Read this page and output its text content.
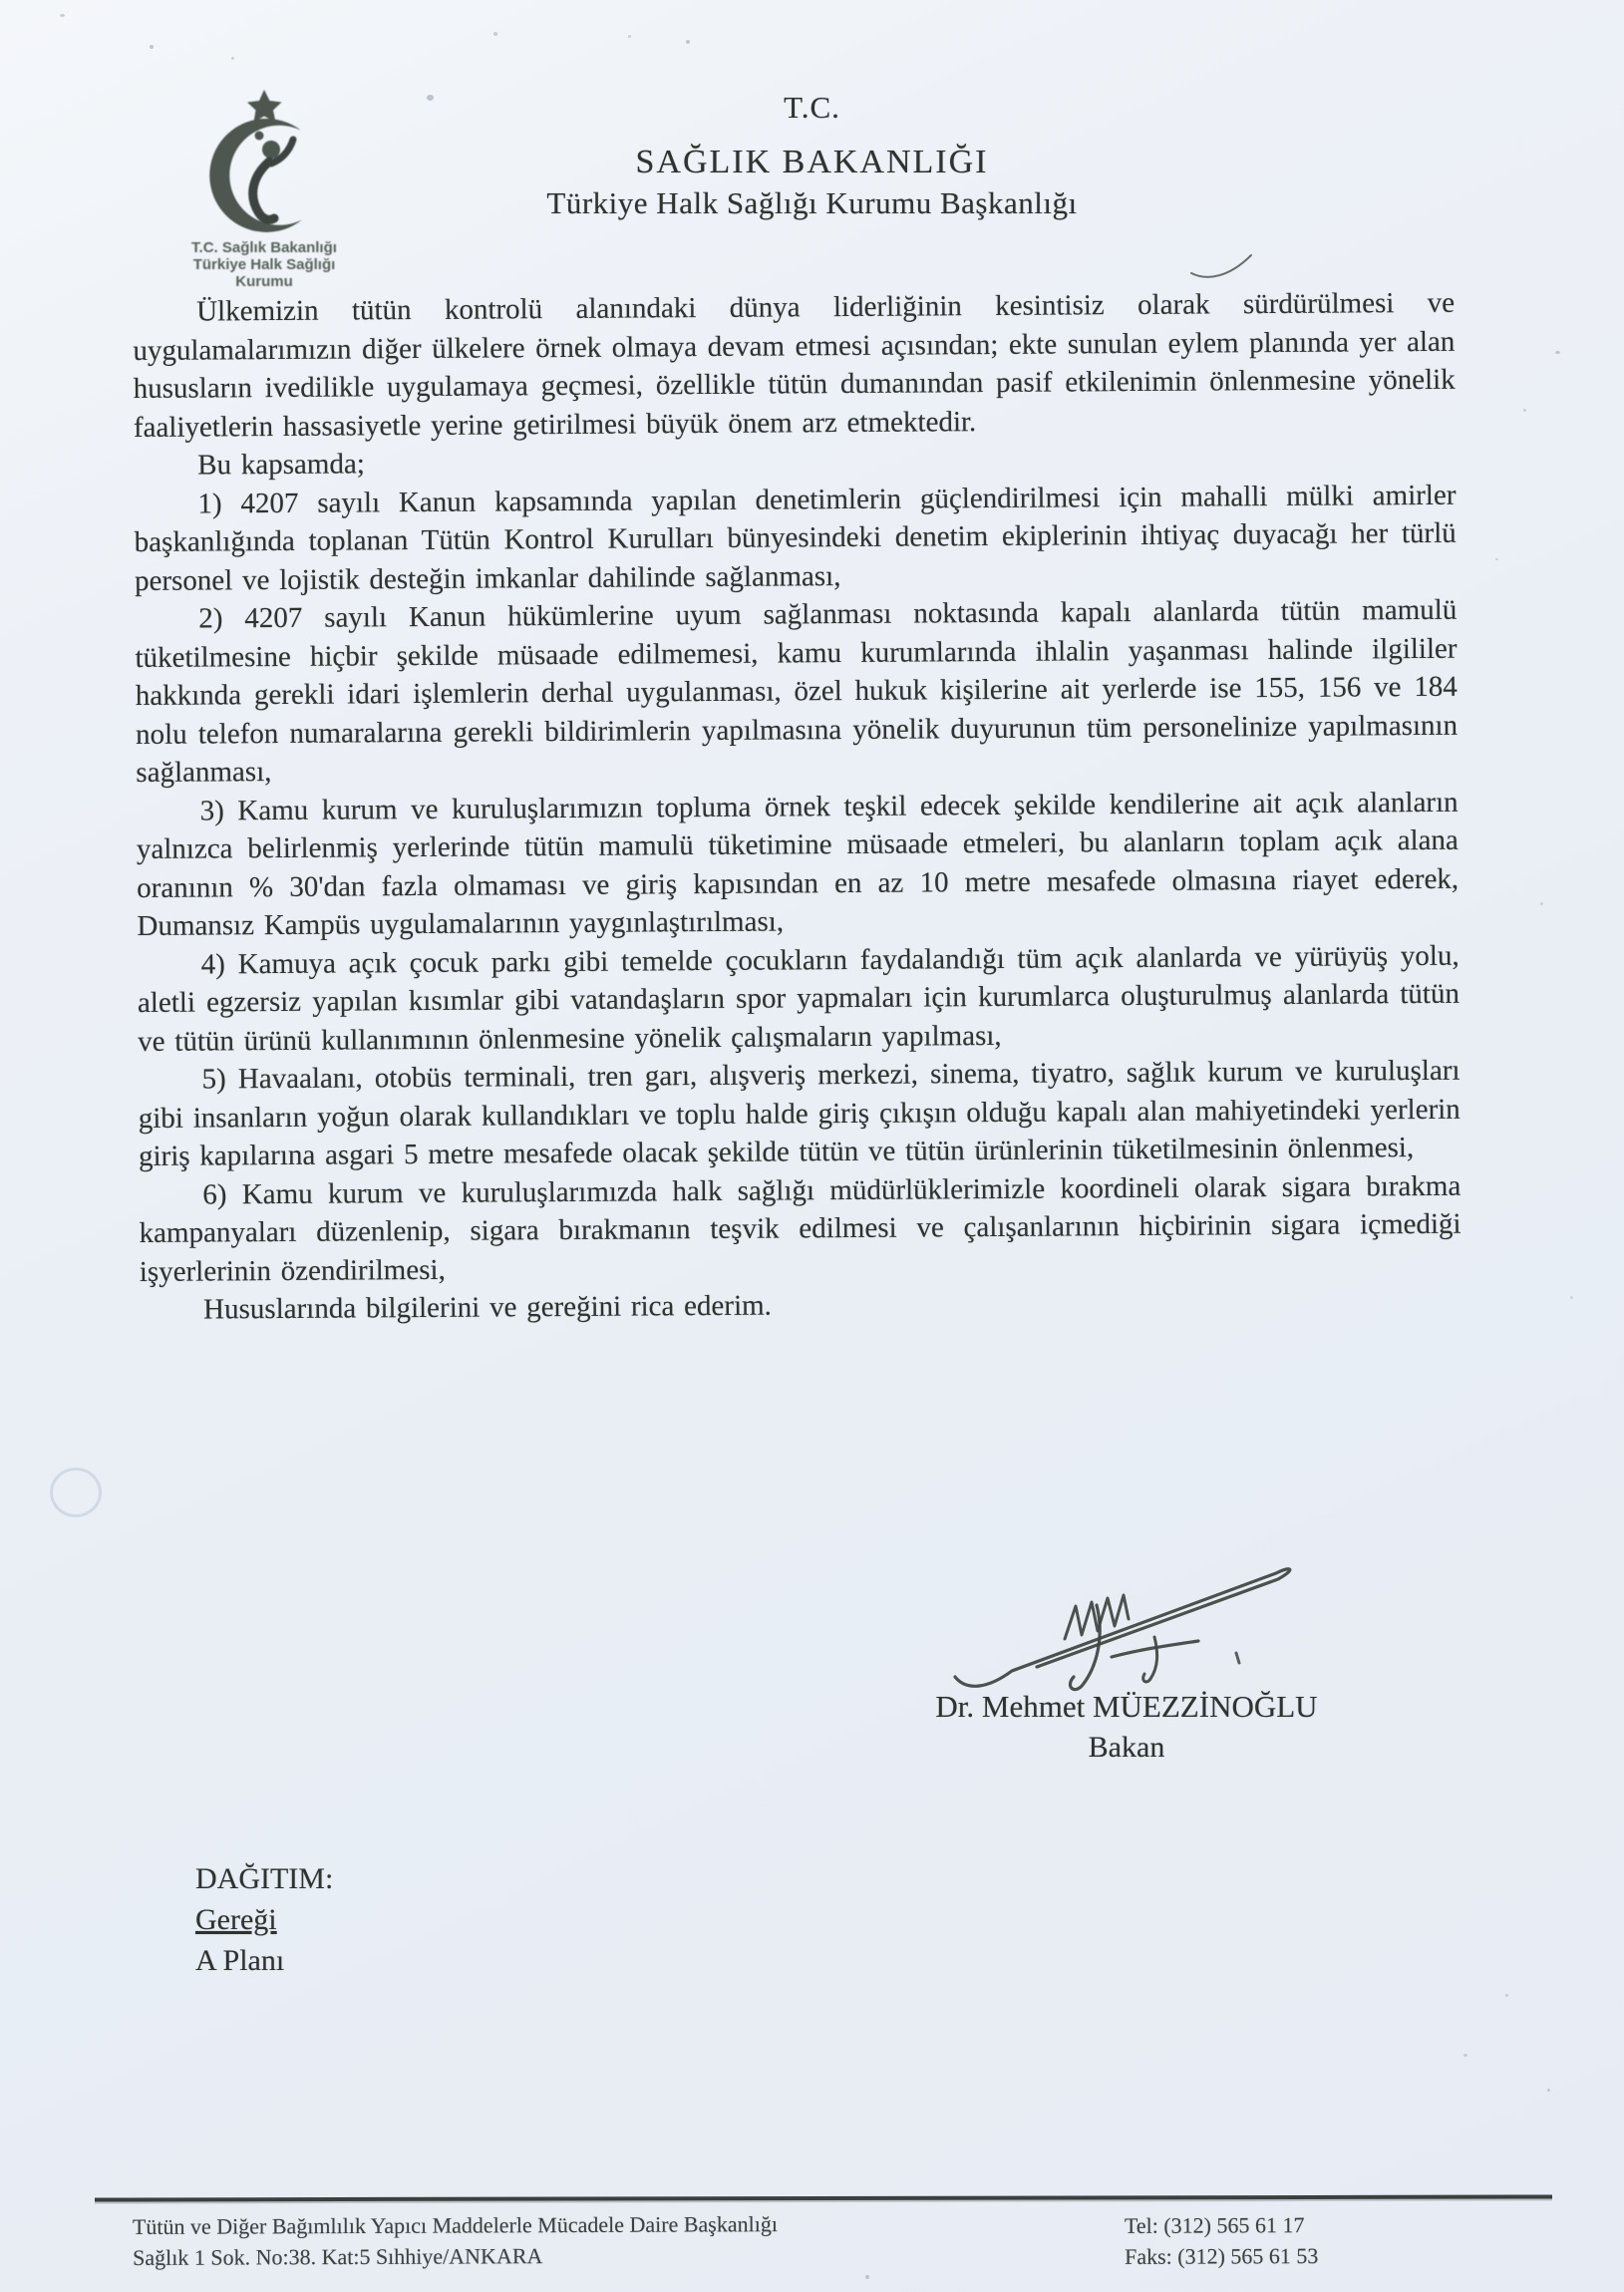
T.C. Sağlık Bakanlığı
Türkiye Halk Sağlığı
Kurumu
T.C.
SAĞLIK BAKANLIĞI
Türkiye Halk Sağlığı Kurumu Başkanlığı

Ülkemizin tütün kontrolü alanındaki dünya liderliğinin kesintisiz olarak sürdürülmesi ve uygulamalarımızın diğer ülkelere örnek olmaya devam etmesi açısından; ekte sunulan eylem planında yer alan hususların ivedilikle uygulamaya geçmesi, özellikle tütün dumanından pasif etkilenimin önlenmesine yönelik faaliyetlerin hassasiyetle yerine getirilmesi büyük önem arz etmektedir.

Bu kapsamda;

1) 4207 sayılı Kanun kapsamında yapılan denetimlerin güçlendirilmesi için mahalli mülki amirler başkanlığında toplanan Tütün Kontrol Kurulları bünyesindeki denetim ekiplerinin ihtiyaç duyacağı her türlü personel ve lojistik desteğin imkanlar dahilinde sağlanması,

2) 4207 sayılı Kanun hükümlerine uyum sağlanması noktasında kapalı alanlarda tütün mamulü tüketilmesine hiçbir şekilde müsaade edilmemesi, kamu kurumlarında ihlalin yaşanması halinde ilgililer hakkında gerekli idari işlemlerin derhal uygulanması, özel hukuk kişilerine ait yerlerde ise 155, 156 ve 184 nolu telefon numaralarına gerekli bildirimlerin yapılmasına yönelik duyurunun tüm personelinize yapılmasının sağlanması,

3) Kamu kurum ve kuruluşlarımızın topluma örnek teşkil edecek şekilde kendilerine ait açık alanların yalnızca belirlenmiş yerlerinde tütün mamulü tüketimine müsaade etmeleri, bu alanların toplam açık alana oranının % 30'dan fazla olmaması ve giriş kapısından en az 10 metre mesafede olmasına riayet ederek, Dumansız Kampüs uygulamalarının yaygınlaştırılması,

4) Kamuya açık çocuk parkı gibi temelde çocukların faydalandığı tüm açık alanlarda ve yürüyüş yolu, aletli egzersiz yapılan kısımlar gibi vatandaşların spor yapmaları için kurumlarca oluşturulmuş alanlarda tütün ve tütün ürünü kullanımının önlenmesine yönelik çalışmaların yapılması,

5) Havaalanı, otobüs terminali, tren garı, alışveriş merkezi, sinema, tiyatro, sağlık kurum ve kuruluşları gibi insanların yoğun olarak kullandıkları ve toplu halde giriş çıkışın olduğu kapalı alan mahiyetindeki yerlerin giriş kapılarına asgari 5 metre mesafede olacak şekilde tütün ve tütün ürünlerinin tüketilmesinin önlenmesi,

6) Kamu kurum ve kuruluşlarımızda halk sağlığı müdürlüklerimizle koordineli olarak sigara bırakma kampanyaları düzenlenip, sigara bırakmanın teşvik edilmesi ve çalışanlarının hiçbirinin sigara içmediği işyerlerinin özendirilmesi,

Hususlarında bilgilerini ve gereğini rica ederim.

Dr. Mehmet MÜEZZİNOĞLU
Bakan
DAĞITIM:
Gereği
A Planı
Tütün ve Diğer Bağımlılık Yapıcı Maddelerle Mücadele Daire Başkanlığı
Sağlık 1 Sok. No:38. Kat:5 Sıhhiye/ANKARA
Tel: (312) 565 61 17
Faks: (312) 565 61 53
